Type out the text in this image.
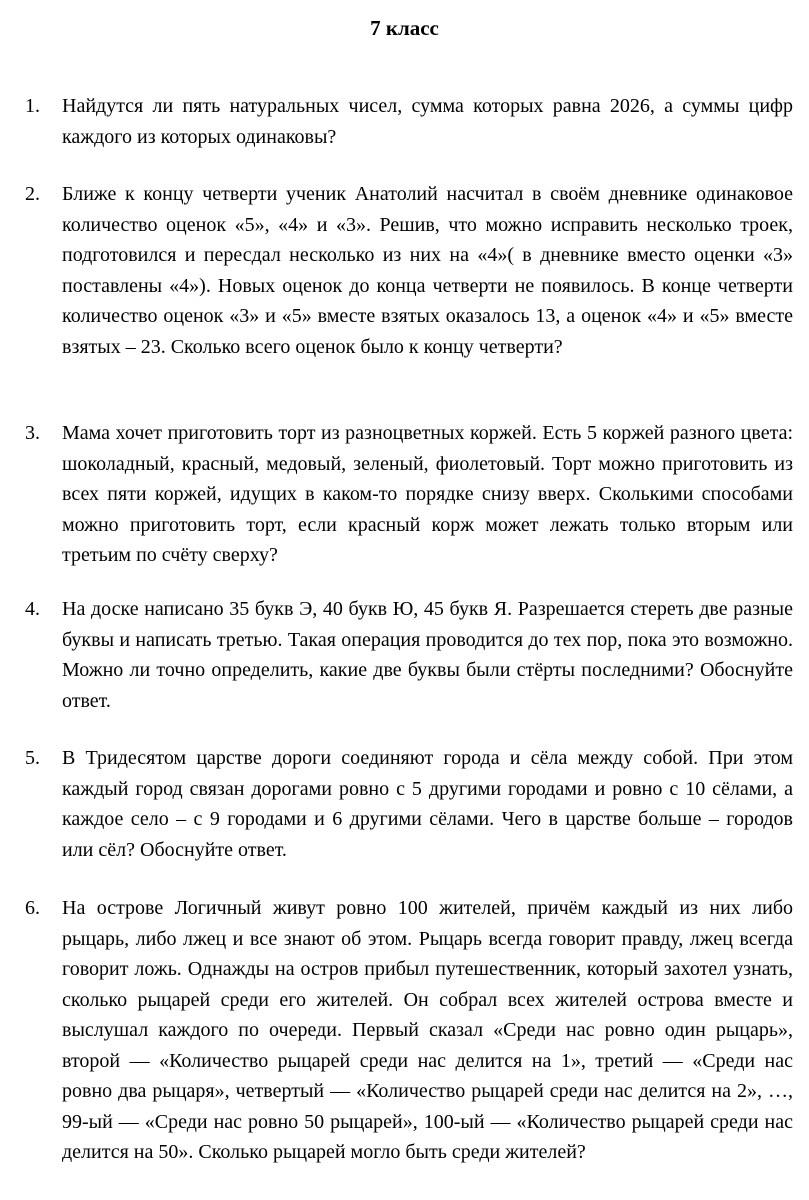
7 класс
1.	Найдутся ли пять натуральных чисел, сумма которых равна 2026, а суммы цифр каждого из которых одинаковы?
2.	Ближе к концу четверти ученик Анатолий насчитал в своём дневнике одинаковое количество оценок «5», «4» и «3». Решив, что можно исправить несколько троек, подготовился и пересдал несколько из них на «4»( в дневнике вместо оценки «3» поставлены «4»). Новых оценок до конца четверти не появилось. В конце четверти количество оценок «3» и «5» вместе взятых оказалось 13, а оценок «4» и «5» вместе взятых – 23. Сколько всего оценок было к концу четверти?
3.	Мама хочет приготовить торт из разноцветных коржей. Есть 5 коржей разного цвета: шоколадный, красный, медовый, зеленый, фиолетовый. Торт можно приготовить из всех пяти коржей, идущих в каком-то порядке снизу вверх. Сколькими способами можно приготовить торт, если красный корж может лежать только вторым или третьим по счёту сверху?
4.	На доске написано 35 букв Э, 40 букв Ю, 45 букв Я. Разрешается стереть две разные буквы и написать третью. Такая операция проводится до тех пор, пока это возможно. Можно ли точно определить, какие две буквы были стёрты последними? Обоснуйте ответ.
5.	В Тридесятом царстве дороги соединяют города и сёла между собой. При этом каждый город связан дорогами ровно с 5 другими городами и ровно с 10 сёлами, а каждое село – с 9 городами и 6 другими сёлами. Чего в царстве больше – городов или сёл? Обоснуйте ответ.
6.	На острове Логичный живут ровно 100 жителей, причём каждый из них либо рыцарь, либо лжец и все знают об этом. Рыцарь всегда говорит правду, лжец всегда говорит ложь. Однажды на остров прибыл путешественник, который захотел узнать, сколько рыцарей среди его жителей. Он собрал всех жителей острова вместе и выслушал каждого по очереди. Первый сказал «Среди нас ровно один рыцарь», второй — «Количество рыцарей среди нас делится на 1», третий — «Среди нас ровно два рыцаря», четвертый — «Количество рыцарей среди нас делится на 2», …, 99-ый — «Среди нас ровно 50 рыцарей», 100-ый — «Количество рыцарей среди нас делится на 50». Сколько рыцарей могло быть среди жителей?
